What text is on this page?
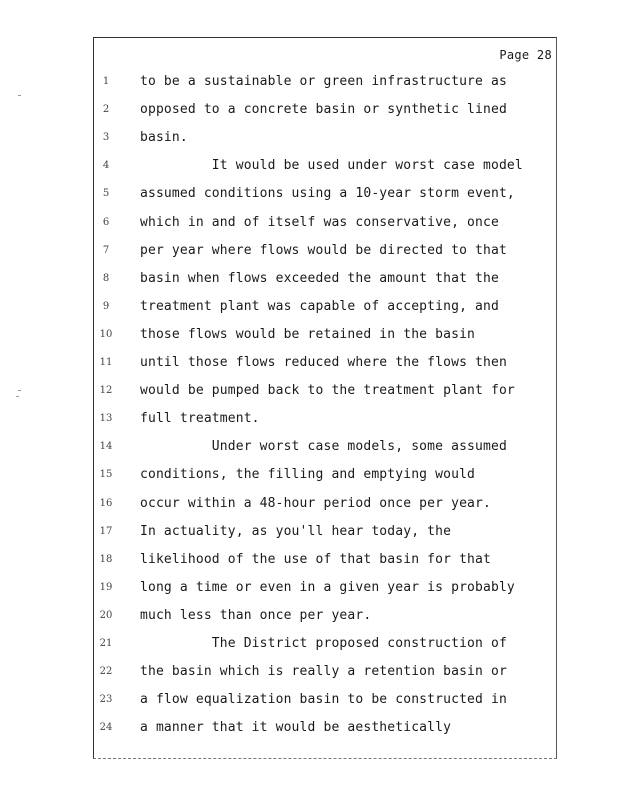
Page 28
1	to be a sustainable or green infrastructure as
2	opposed to a concrete basin or synthetic lined
3	basin.
4	It would be used under worst case model
5	assumed conditions using a 10-year storm event,
6	which in and of itself was conservative, once
7	per year where flows would be directed to that
8	basin when flows exceeded the amount that the
9	treatment plant was capable of accepting, and
10	those flows would be retained in the basin
11	until those flows reduced where the flows then
12	would be pumped back to the treatment plant for
13	full treatment.
14	Under worst case models, some assumed
15	conditions, the filling and emptying would
16	occur within a 48-hour period once per year.
17	In actuality, as you'll hear today, the
18	likelihood of the use of that basin for that
19	long a time or even in a given year is probably
20	much less than once per year.
21	The District proposed construction of
22	the basin which is really a retention basin or
23	a flow equalization basin to be constructed in
24	a manner that it would be aesthetically
